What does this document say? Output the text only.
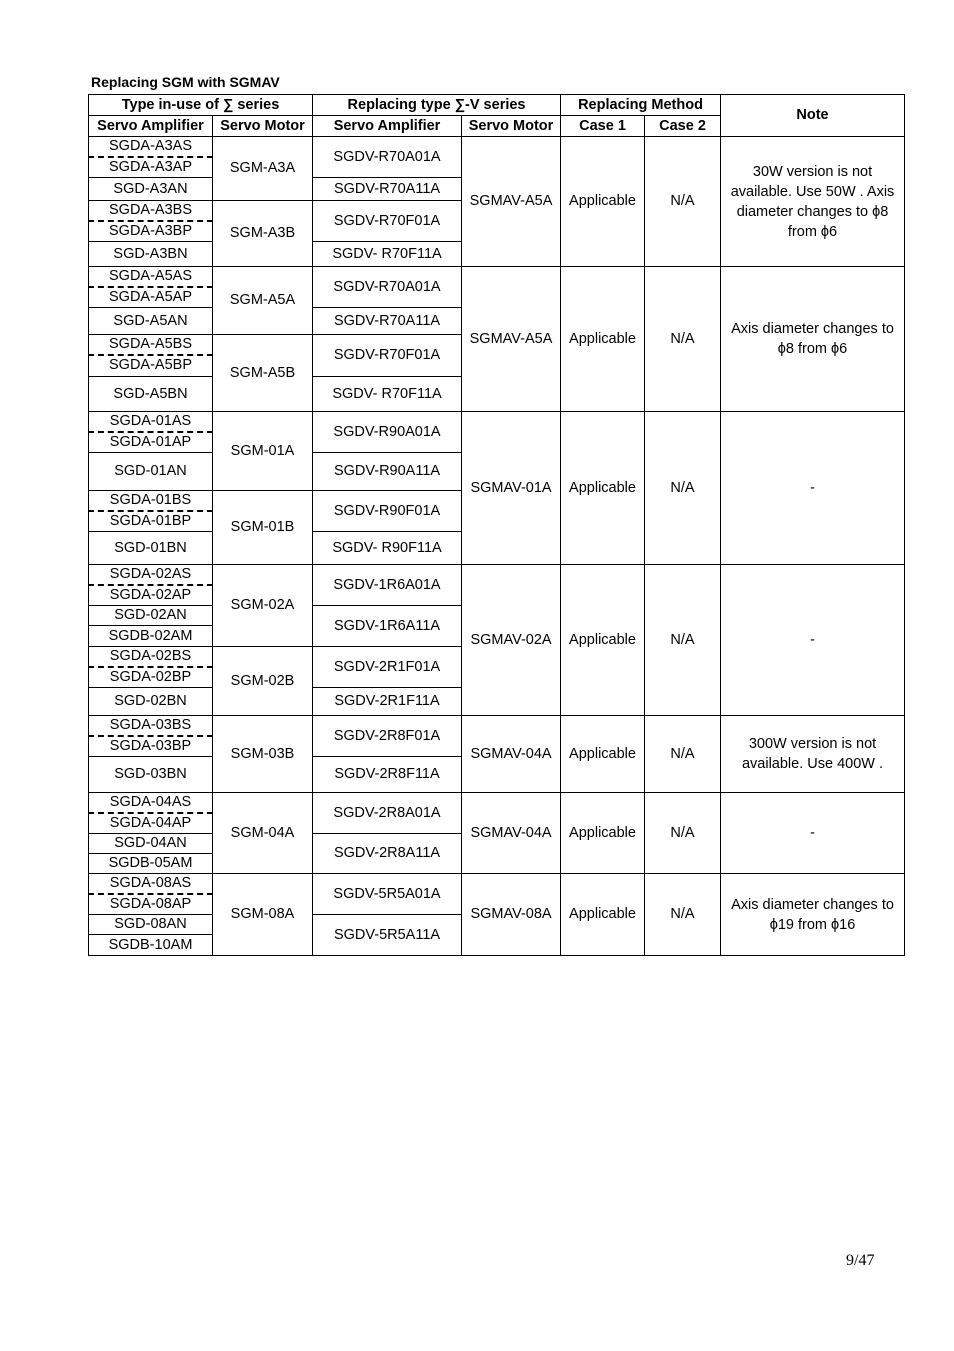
Replacing SGM with SGMAV
Type in-use of ∑ series		Replacing type ∑-V series		Replacing Method		Note
Servo Amplifier	Servo Motor	Servo Amplifier	Servo Motor	Case 1	Case 2	
SGDA-A3AS	SGM-A3A	SGDV-R70A01A	SGMAV-A5A	Applicable	N/A	30W version is not available. Use 50W . Axis diameter changes to ϕ8 from ϕ6
SGDA-A3AP						
SGD-A3AN		SGDV-R70A11A				
SGDA-A3BS	SGM-A3B	SGDV-R70F01A				
SGDA-A3BP						
SGD-A3BN		SGDV- R70F11A				
SGDA-A5AS	SGM-A5A	SGDV-R70A01A	SGMAV-A5A	Applicable	N/A	Axis diameter changes to ϕ8 from ϕ6
SGDA-A5AP						
SGD-A5AN		SGDV-R70A11A				
SGDA-A5BS	SGM-A5B	SGDV-R70F01A				
SGDA-A5BP						
SGD-A5BN		SGDV- R70F11A				
SGDA-01AS	SGM-01A	SGDV-R90A01A	SGMAV-01A	Applicable	N/A	-
SGDA-01AP						
SGD-01AN		SGDV-R90A11A				
SGDA-01BS	SGM-01B	SGDV-R90F01A				
SGDA-01BP						
SGD-01BN		SGDV- R90F11A				
SGDA-02AS	SGM-02A	SGDV-1R6A01A	SGMAV-02A	Applicable	N/A	-
SGDA-02AP						
SGD-02AN		SGDV-1R6A11A				
SGDB-02AM						
SGDA-02BS	SGM-02B	SGDV-2R1F01A				
SGDA-02BP						
SGD-02BN		SGDV-2R1F11A				
SGDA-03BS	SGM-03B	SGDV-2R8F01A	SGMAV-04A	Applicable	N/A	300W version is not available. Use 400W .
SGDA-03BP						
SGD-03BN		SGDV-2R8F11A				
SGDA-04AS	SGM-04A	SGDV-2R8A01A	SGMAV-04A	Applicable	N/A	-
SGDA-04AP						
SGD-04AN		SGDV-2R8A11A				
SGDB-05AM						
SGDA-08AS	SGM-08A	SGDV-5R5A01A	SGMAV-08A	Applicable	N/A	Axis diameter changes to ϕ19 from ϕ16
SGDA-08AP						
SGD-08AN		SGDV-5R5A11A				
SGDB-10AM						
9/47
